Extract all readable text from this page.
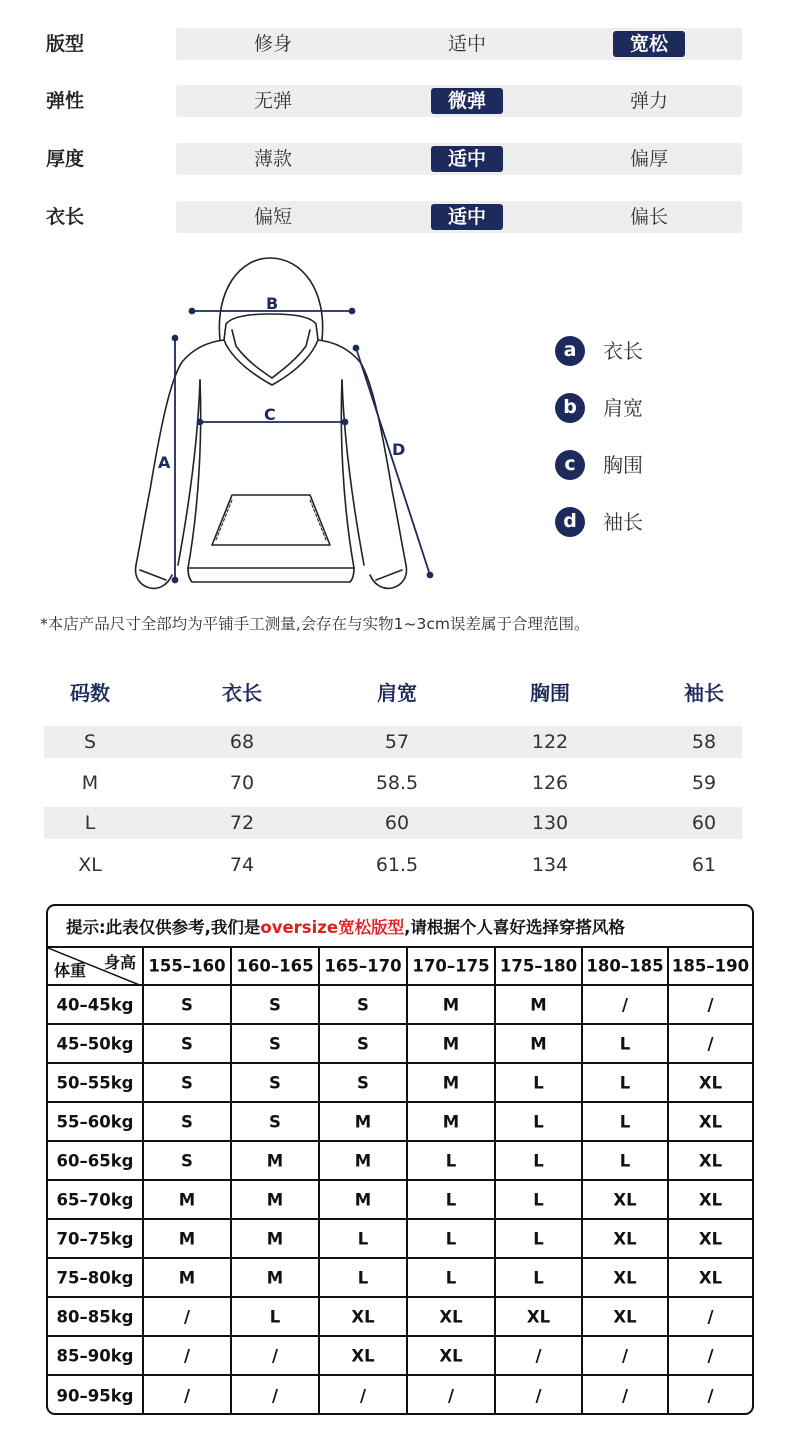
版型	修身	适中	宽松
弹性	无弹	微弹	弹力
厚度	薄款	适中	偏厚
衣长	偏短	适中	偏长
B
C
A
D
a	衣长
b	肩宽
c	胸围
d	袖长
*本店产品尺寸全部均为平铺手工测量,会存在与实物1~3cm误差属于合理范围。
码数	衣长	肩宽	胸围	袖长
S	68	57	122	58
M	70	58.5	126	59
L	72	60	130	60
XL	74	61.5	134	61
提示:此表仅供参考,我们是oversize宽松版型,请根据个人喜好选择穿搭风格
体重 身高 155–160 160–165 165–170 170–175 175–180 180–185 185–190
40–45kg	S	S	S	M	M	/	/
45–50kg	S	S	S	M	M	L	/
50–55kg	S	S	S	M	L	L	XL
55–60kg	S	S	M	M	L	L	XL
60–65kg	S	M	M	L	L	L	XL
65–70kg	M	M	M	L	L	XL	XL
70–75kg	M	M	L	L	L	XL	XL
75–80kg	M	M	L	L	L	XL	XL
80–85kg	/	L	XL	XL	XL	XL	/
85–90kg	/	/	XL	XL	/	/	/
90–95kg	/	/	/	/	/	/	/
